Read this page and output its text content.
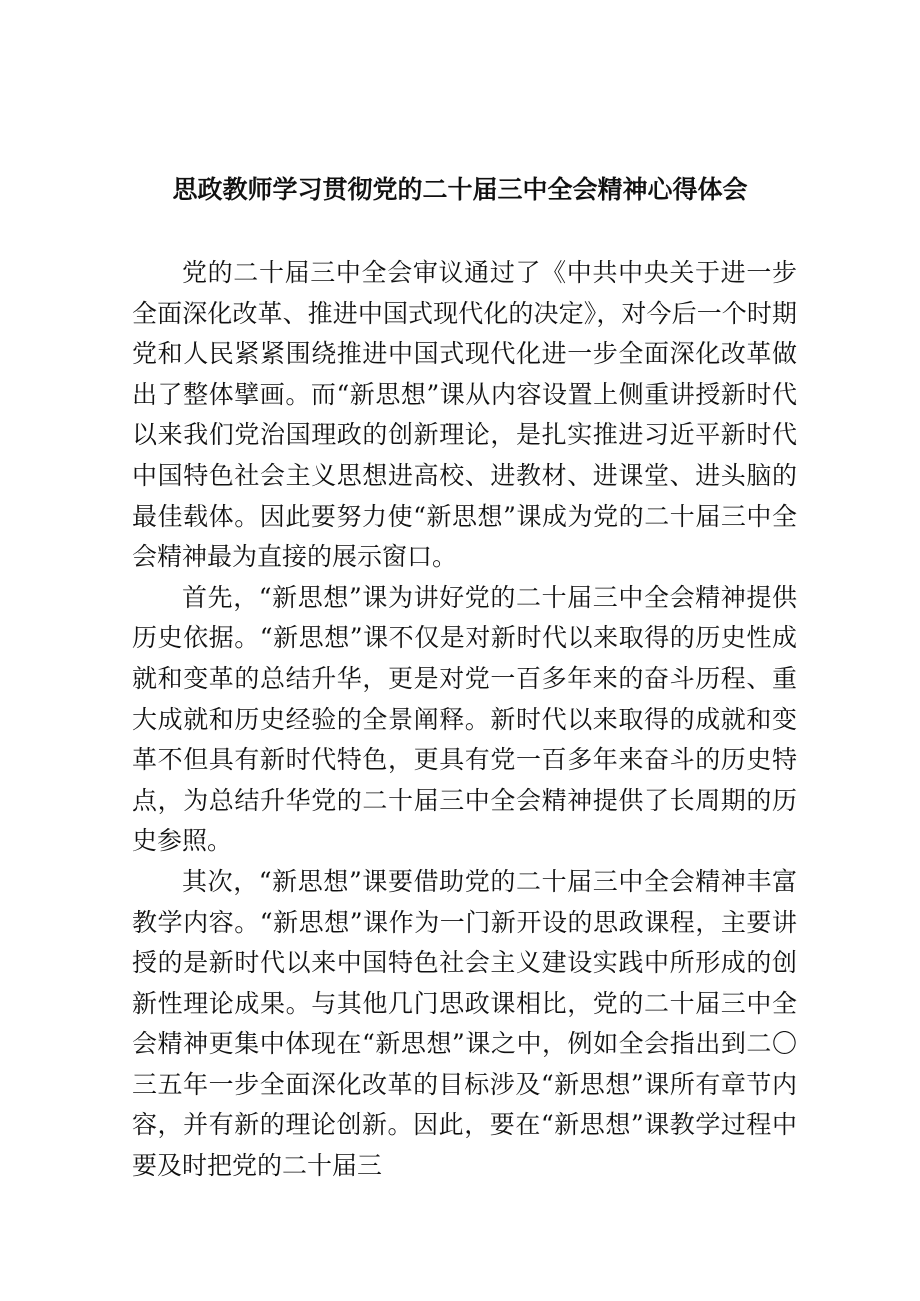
思政教师学习贯彻党的二十届三中全会精神心得体会

党的二十届三中全会审议通过了《中共中央关于进一步全面深化改革、推进中国式现代化的决定》，对今后一个时期党和人民紧紧围绕推进中国式现代化进一步全面深化改革做出了整体擘画。而“新思想”课从内容设置上侧重讲授新时代以来我们党治国理政的创新理论，是扎实推进习近平新时代中国特色社会主义思想进高校、进教材、进课堂、进头脑的最佳载体。因此要努力使“新思想”课成为党的二十届三中全会精神最为直接的展示窗口。

首先，“新思想”课为讲好党的二十届三中全会精神提供历史依据。“新思想”课不仅是对新时代以来取得的历史性成就和变革的总结升华，更是对党一百多年来的奋斗历程、重大成就和历史经验的全景阐释。新时代以来取得的成就和变革不但具有新时代特色，更具有党一百多年来奋斗的历史特点，为总结升华党的二十届三中全会精神提供了长周期的历史参照。

其次，“新思想”课要借助党的二十届三中全会精神丰富教学内容。“新思想”课作为一门新开设的思政课程，主要讲授的是新时代以来中国特色社会主义建设实践中所形成的创新性理论成果。与其他几门思政课相比，党的二十届三中全会精神更集中体现在“新思想”课之中，例如全会指出到二〇三五年一步全面深化改革的目标涉及“新思想”课所有章节内容，并有新的理论创新。因此，要在“新思想”课教学过程中要及时把党的二十届三
